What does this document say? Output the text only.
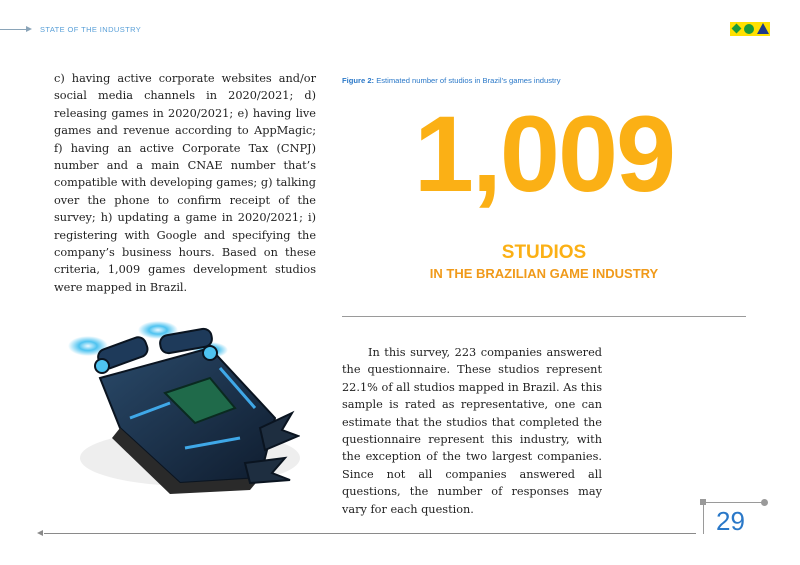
STATE OF THE INDUSTRY
c) having active corporate websites and/or social media channels in 2020/2021; d) releasing games in 2020/2021; e) having live games and revenue according to AppMagic; f) having an active Corporate Tax (CNPJ) number and a main CNAE number that’s compatible with developing games; g) talking over the phone to confirm receipt of the survey; h) updating a game in 2020/2021; i) registering with Google and specifying the company’s business hours. Based on these criteria, 1,009 games development studios were mapped in Brazil.
Figure 2: Estimated number of studios in Brazil’s games industry
1,009
STUDIOS
IN THE BRAZILIAN GAME INDUSTRY

In this survey, 223 companies answered the questionnaire. These studios represent 22.1% of all studios mapped in Brazil. As this sample is rated as representative, one can estimate that the studios that completed the questionnaire represent this industry, with the exception of the two largest companies. Since not all companies answered all questions, the number of responses may vary for each question.	29
